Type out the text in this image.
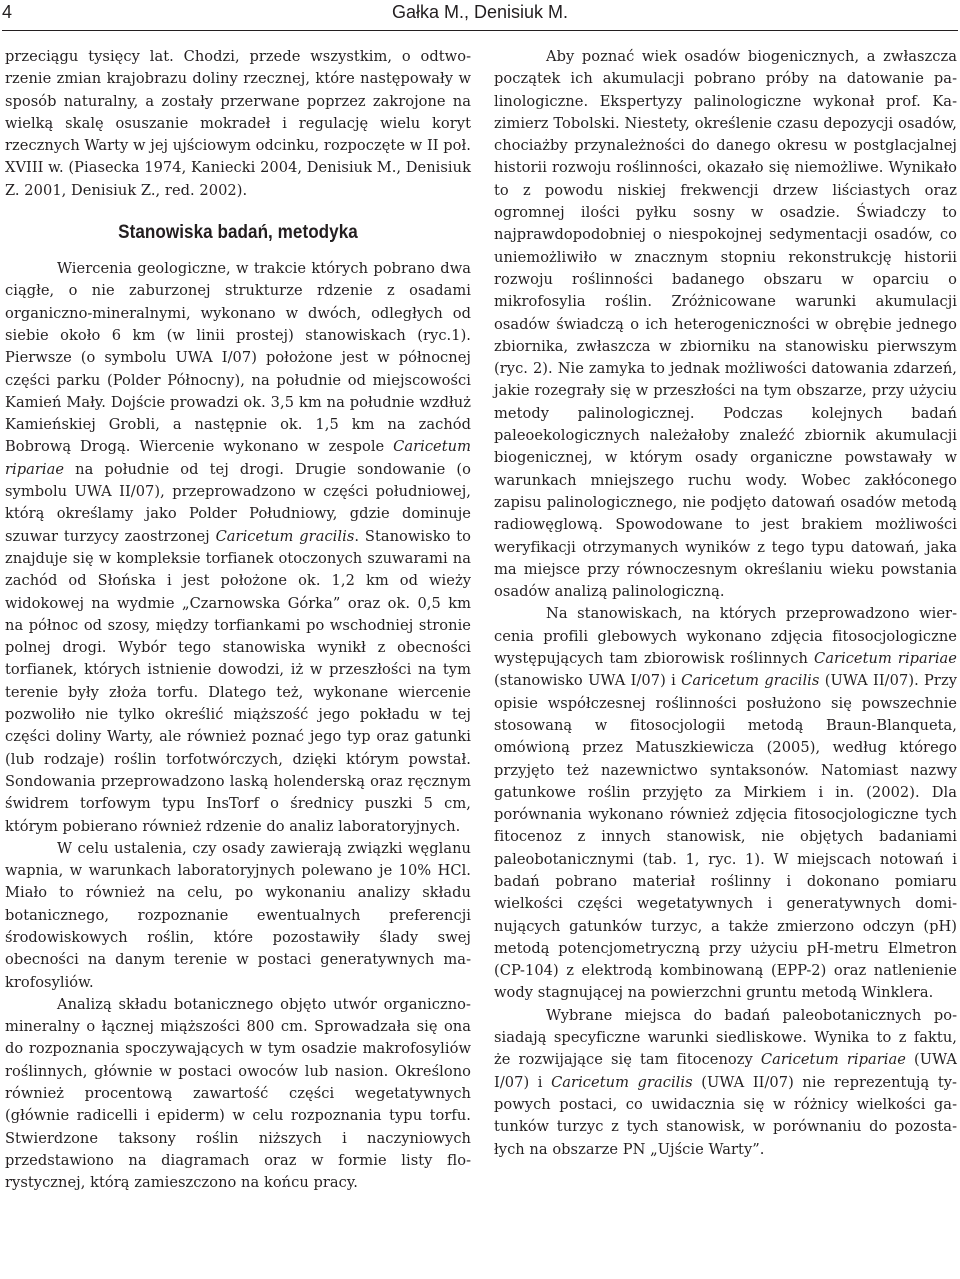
4	Gałka M., Denisiuk M.

przeciągu tysięcy lat. Chodzi, przede wszystkim, o odtworzenie zmian krajobrazu doliny rzecznej, które następowały w sposób naturalny, a zostały przerwane poprzez zakrojone na wielką skalę osuszanie mokradeł i regulację wielu koryt rzecznych Warty w jej ujściowym odcinku, rozpoczęte w II poł. XVIII w. (Piasecka 1974, Kaniecki 2004, Denisiuk M., Denisiuk Z. 2001, Denisiuk Z., red. 2002).

Stanowiska badań, metodyka

Wiercenia geologiczne, w trakcie których pobrano dwa ciągłe, o nie zaburzonej strukturze rdzenie z osadami organiczno-mineralnymi, wykonano w dwóch, odległych od siebie około 6 km (w linii prostej) stanowiskach (ryc.1). Pierwsze (o symbolu UWA I/07) położone jest w północnej części parku (Polder Północny), na południe od miejscowości Kamień Mały. Dojście prowadzi ok. 3,5 km na południe wzdłuż Kamieńskiej Grobli, a następnie ok. 1,5 km na zachód Bobrową Drogą. Wiercenie wykonano w zespole Caricetum ripariae na południe od tej drogi. Drugie sondowanie (o symbolu UWA II/07), przeprowadzono w części południowej, którą określamy jako Polder Południowy, gdzie dominuje szuwar turzycy zaostrzonej Caricetum gracilis. Stanowisko to znajduje się w kompleksie torfianek otoczonych szuwarami na zachód od Słońska i jest położone ok. 1,2 km od wieży widokowej na wydmie „Czarnowska Górka” oraz ok. 0,5 km na północ od szosy, między torfiankami po wschodniej stronie polnej drogi. Wybór tego stanowiska wynikł z obecności torfianek, których istnienie dowodzi, iż w przeszłości na tym terenie były złoża torfu. Dlatego też, wykonane wiercenie pozwoliło nie tylko określić miąższość jego pokładu w tej części doliny Warty, ale również poznać jego typ oraz gatunki (lub rodzaje) roślin torfotwórczych, dzięki którym powstał. Sondowania przeprowadzono laską holenderską oraz ręcznym świdrem torfowym typu InsTorf o średnicy puszki 5 cm, którym pobierano również rdzenie do analiz laboratoryjnych.

W celu ustalenia, czy osady zawierają związki węglanu wapnia, w warunkach laboratoryjnych polewano je 10% HCl. Miało to również na celu, po wykonaniu analizy składu botanicznego, rozpoznanie ewentualnych preferencji środowiskowych roślin, które pozostawiły ślady swej obecności na danym terenie w postaci generatywnych makrofosyliów.

Analizą składu botanicznego objęto utwór organiczno-mineralny o łącznej miąższości 800 cm. Sprowadzała się ona do rozpoznania spoczywających w tym osadzie makrofosyliów roślinnych, głównie w postaci owoców lub nasion. Określono również procentową zawartość części wegetatywnych (głównie radicelli i epiderm) w celu rozpoznania typu torfu. Stwierdzone taksony roślin niższych i naczyniowych przedstawiono na diagramach oraz w formie listy florystycznej, którą zamieszczono na końcu pracy.

Aby poznać wiek osadów biogenicznych, a zwłaszcza początek ich akumulacji pobrano próby na datowanie palinologiczne. Ekspertyzy palinologiczne wykonał prof. Kazimierz Tobolski. Niestety, określenie czasu depozycji osadów, chociażby przynależności do danego okresu w postglacjalnej historii rozwoju roślinności, okazało się niemożliwe. Wynikało to z powodu niskiej frekwencji drzew liściastych oraz ogromnej ilości pyłku sosny w osadzie. Świadczy to najprawdopodobniej o niespokojnej sedymentacji osadów, co uniemożliwiło w znacznym stopniu rekonstrukcję historii rozwoju roślinności badanego obszaru w oparciu o mikrofosylia roślin. Zróżnicowane warunki akumulacji osadów świadczą o ich heterogeniczności w obrębie jednego zbiornika, zwłaszcza w zbiorniku na stanowisku pierwszym (ryc. 2). Nie zamyka to jednak możliwości datowania zdarzeń, jakie rozegrały się w przeszłości na tym obszarze, przy użyciu metody palinologicznej. Podczas kolejnych badań paleoekologicznych należałoby znaleźć zbiornik akumulacji biogenicznej, w którym osady organiczne powstawały w warunkach mniejszego ruchu wody. Wobec zakłóconego zapisu palinologicznego, nie podjęto datowań osadów metodą radiowęglową. Spowodowane to jest brakiem możliwości weryfikacji otrzymanych wyników z tego typu datowań, jaka ma miejsce przy równoczesnym określaniu wieku powstania osadów analizą palinologiczną.

Na stanowiskach, na których przeprowadzono wiercenia profili glebowych wykonano zdjęcia fitosocjologiczne występujących tam zbiorowisk roślinnych Caricetum ripariae (stanowisko UWA I/07) i Caricetum gracilis (UWA II/07). Przy opisie współczesnej roślinności posłużono się powszechnie stosowaną w fitosocjologii metodą Braun-Blanqueta, omówioną przez Matuszkiewicza (2005), według którego przyjęto też nazewnictwo syntaksonów. Natomiast nazwy gatunkowe roślin przyjęto za Mirkiem i in. (2002). Dla porównania wykonano również zdjęcia fitosocjologiczne tych fitocenoz z innych stanowisk, nie objętych badaniami paleobotanicznymi (tab. 1, ryc. 1). W miejscach notowań i badań pobrano materiał roślinny i dokonano pomiaru wielkości części wegetatywnych i generatywnych dominujących gatunków turzyc, a także zmierzono odczyn (pH) metodą potencjometryczną przy użyciu pH-metru Elmetron (CP-104) z elektrodą kombinowaną (EPP-2) oraz natlenienie wody stagnującej na powierzchni gruntu metodą Winklera.

Wybrane miejsca do badań paleobotanicznych posiadają specyficzne warunki siedliskowe. Wynika to z faktu, że rozwijające się tam fitocenozy Caricetum ripariae (UWA I/07) i Caricetum gracilis (UWA II/07) nie reprezentują typowych postaci, co uwidacznia się w różnicy wielkości gatunków turzyc z tych stanowisk, w porównaniu do pozostałych na obszarze PN „Ujście Warty”.
